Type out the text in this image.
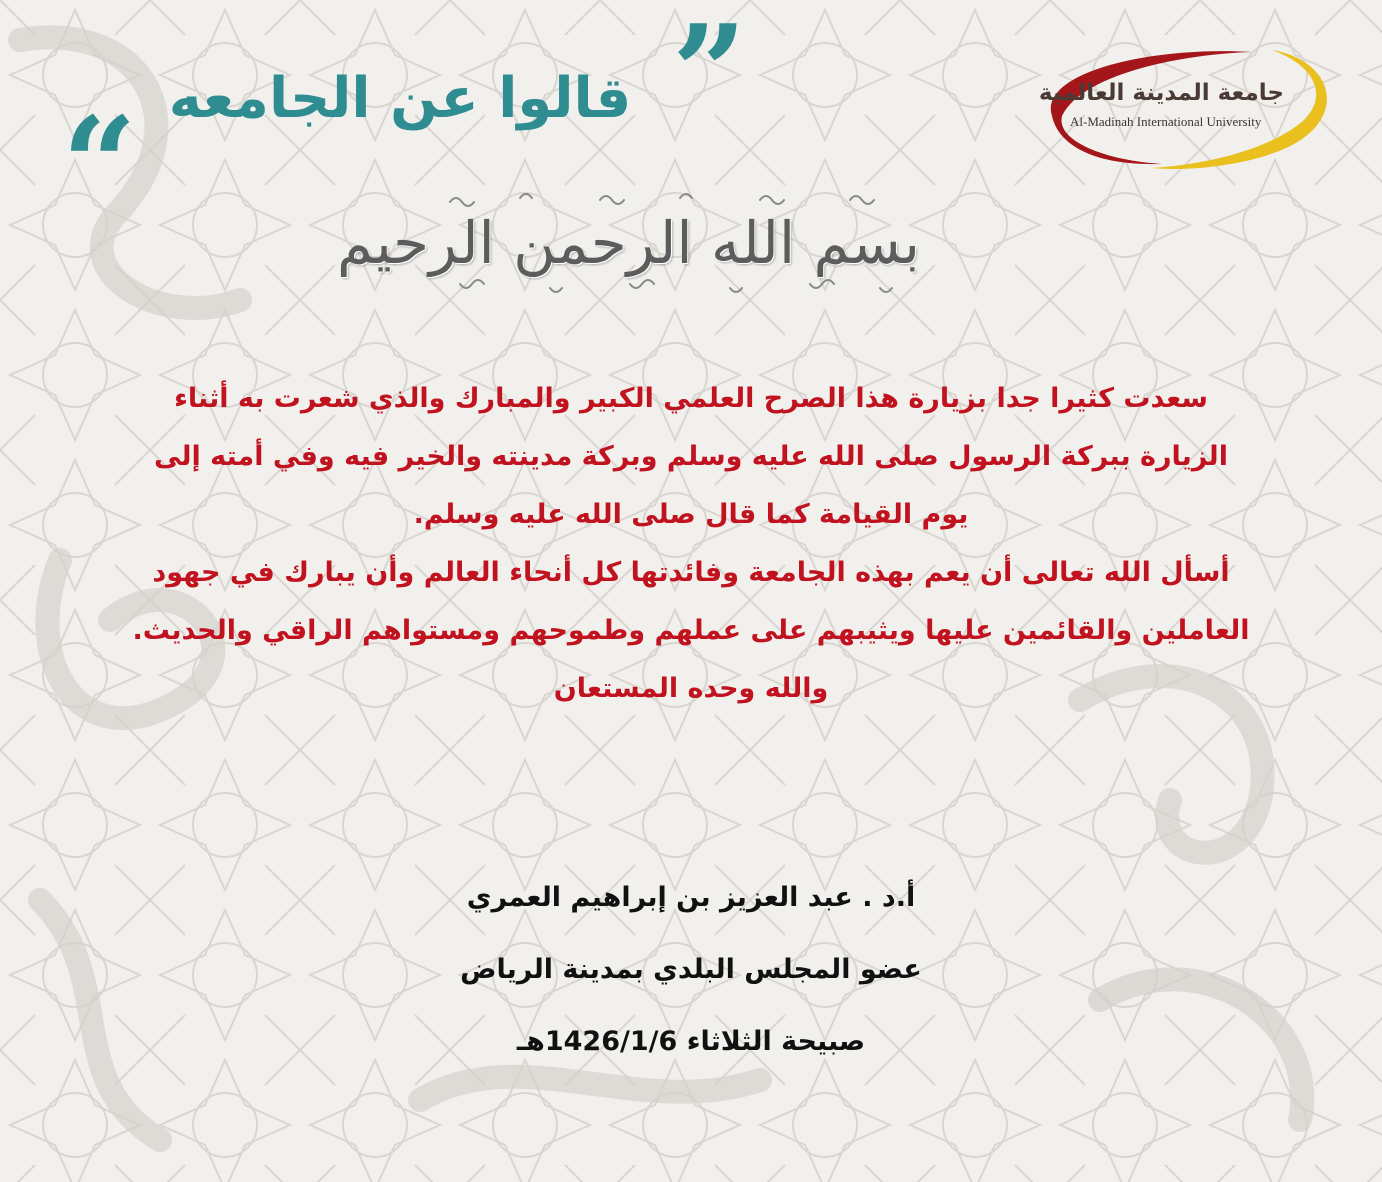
جامعة المدينة العالمية
Al-Madinah International University
”
قالوا عن الجامعه
“
بسم الله الرحمن الرحيم
سعدت كثيرا جدا بزيارة هذا الصرح العلمي الكبير والمبارك والذي شعرت به أثناء
الزيارة ببركة الرسول صلى الله عليه وسلم وبركة مدينته والخير فيه وفي أمته إلى
يوم القيامة كما قال صلى الله عليه وسلم.
أسأل الله تعالى أن يعم بهذه الجامعة وفائدتها كل أنحاء العالم وأن يبارك في جهود
العاملين والقائمين عليها ويثيبهم على عملهم وطموحهم ومستواهم الراقي والحديث.
والله وحده المستعان
أ.د . عبد العزيز بن إبراهيم العمري
عضو المجلس البلدي بمدينة الرياض
صبيحة الثلاثاء 1426/1/6هـ
